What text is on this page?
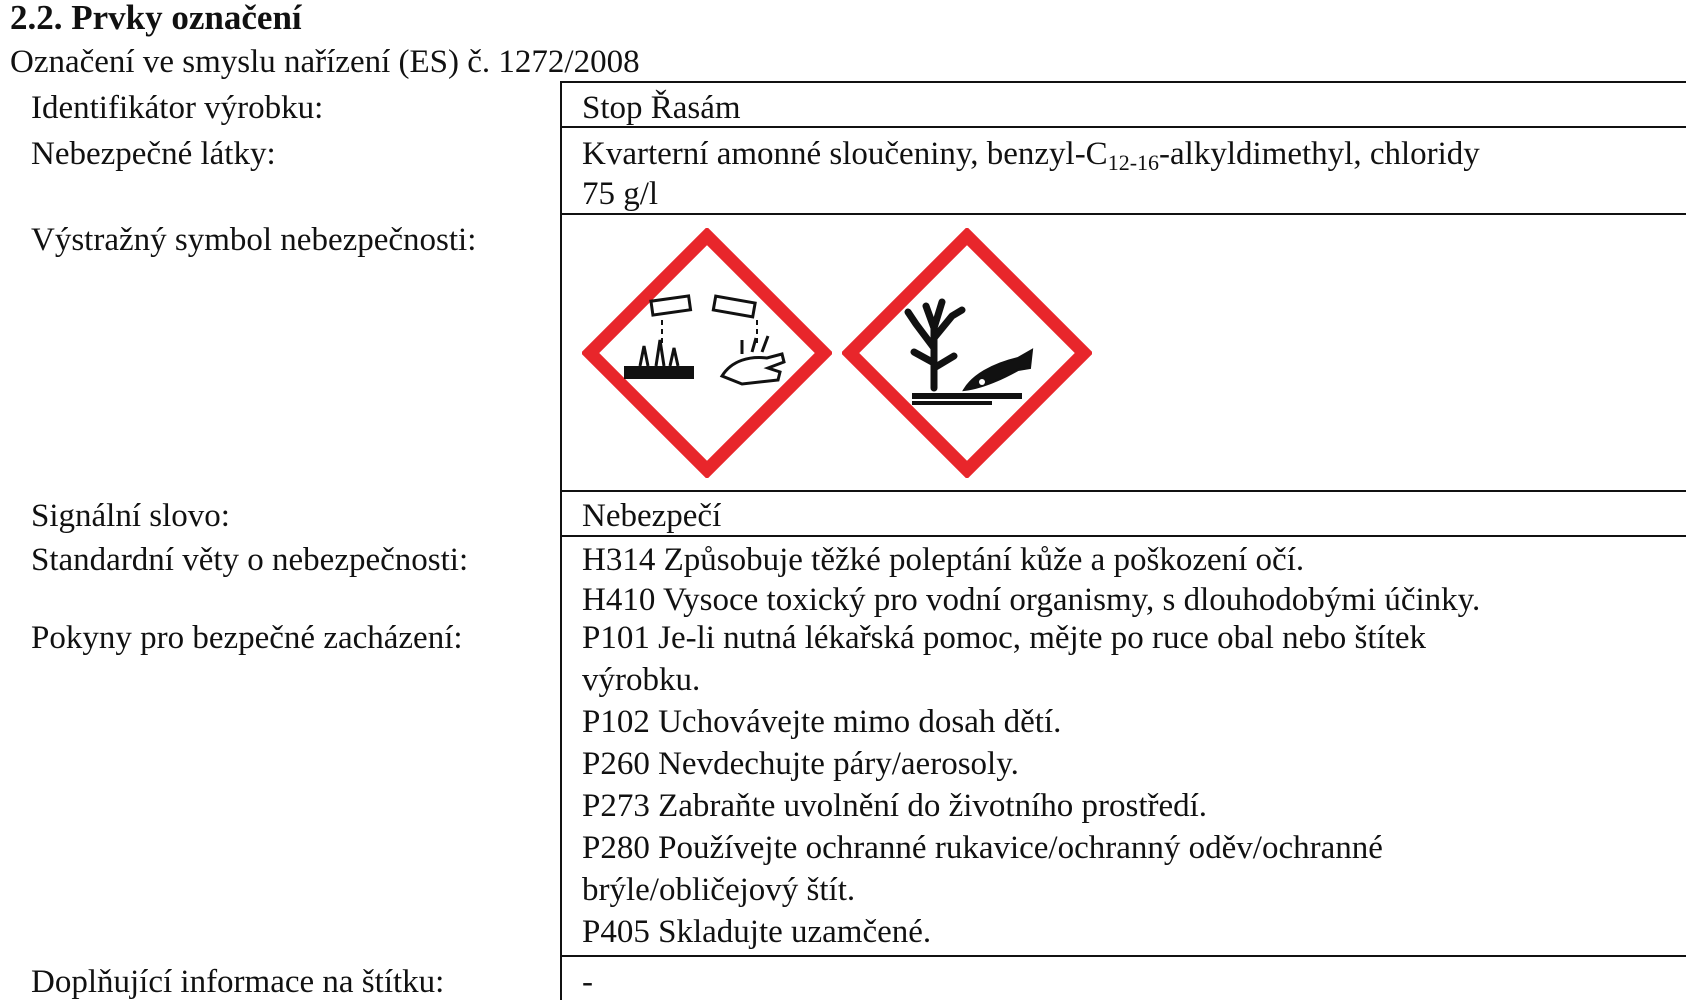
2.2. Prvky označení
Označení ve smyslu nařízení (ES) č. 1272/2008
Identifikátor výrobku:	Stop Řasám
Nebezpečné látky:	Kvarterní amonné sloučeniny, benzyl-C12-16-alkyldimethyl, chloridy
75 g/l
Výstražný symbol nebezpečnosti:
Signální slovo:	Nebezpečí
Standardní věty o nebezpečnosti:	H314 Způsobuje těžké poleptání kůže a poškození očí.
H410 Vysoce toxický pro vodní organismy, s dlouhodobými účinky.
Pokyny pro bezpečné zacházení:	P101 Je-li nutná lékařská pomoc, mějte po ruce obal nebo štítek
výrobku.
P102 Uchovávejte mimo dosah dětí.
P260 Nevdechujte páry/aerosoly.
P273 Zabraňte uvolnění do životního prostředí.
P280 Používejte ochranné rukavice/ochranný oděv/ochranné
brýle/obličejový štít.
P405 Skladujte uzamčené.
Doplňující informace na štítku:	-
